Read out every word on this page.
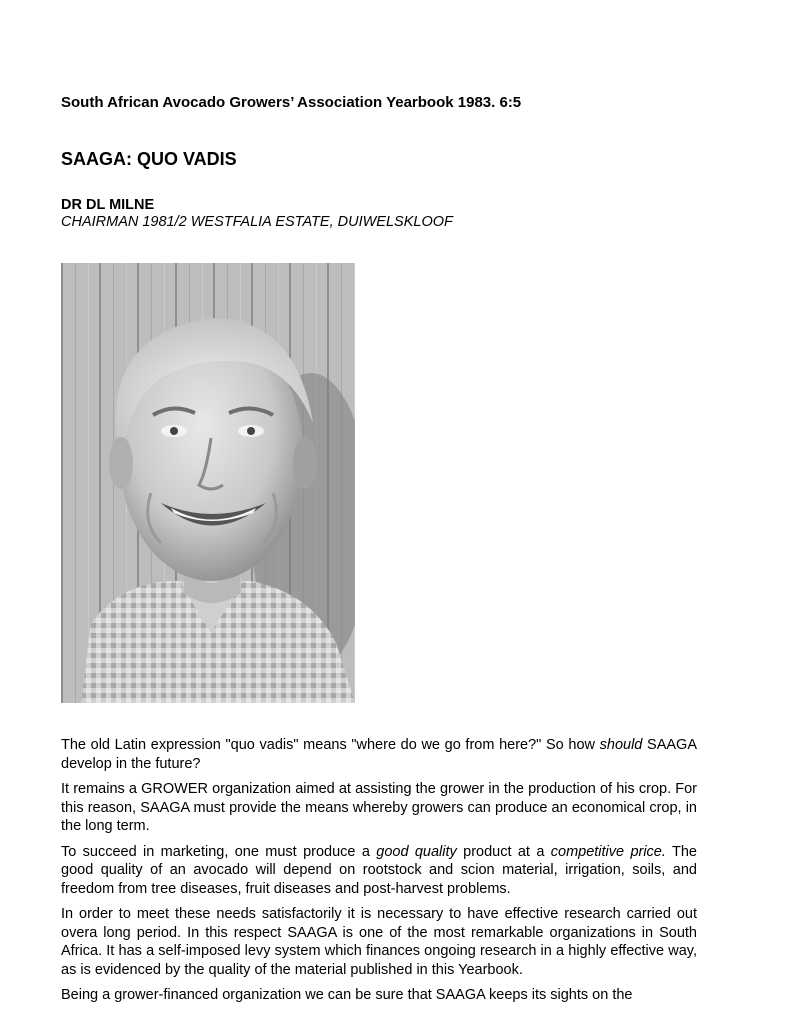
South African Avocado Growers’ Association Yearbook 1983. 6:5
SAAGA: QUO VADIS
DR DL MILNE
CHAIRMAN 1981/2 WESTFALIA ESTATE, DUIWELSKLOOF

The old Latin expression "quo vadis" means "where do we go from here?" So how should SAAGA develop in the future?

It remains a GROWER organization aimed at assisting the grower in the production of his crop. For this reason, SAAGA must provide the means whereby growers can produce an economical crop, in the long term.

To succeed in marketing, one must produce a good quality product at a competitive price. The good quality of an avocado will depend on rootstock and scion material, irrigation, soils, and freedom from tree diseases, fruit diseases and post-harvest problems.

In order to meet these needs satisfactorily it is necessary to have effective research carried out overa long period. In this respect SAAGA is one of the most remarkable organizations in South Africa. It has a self-imposed levy system which finances ongoing research in a highly effective way, as is evidenced by the quality of the material published in this Yearbook.

Being a grower-financed organization we can be sure that SAAGA keeps its sights on the
